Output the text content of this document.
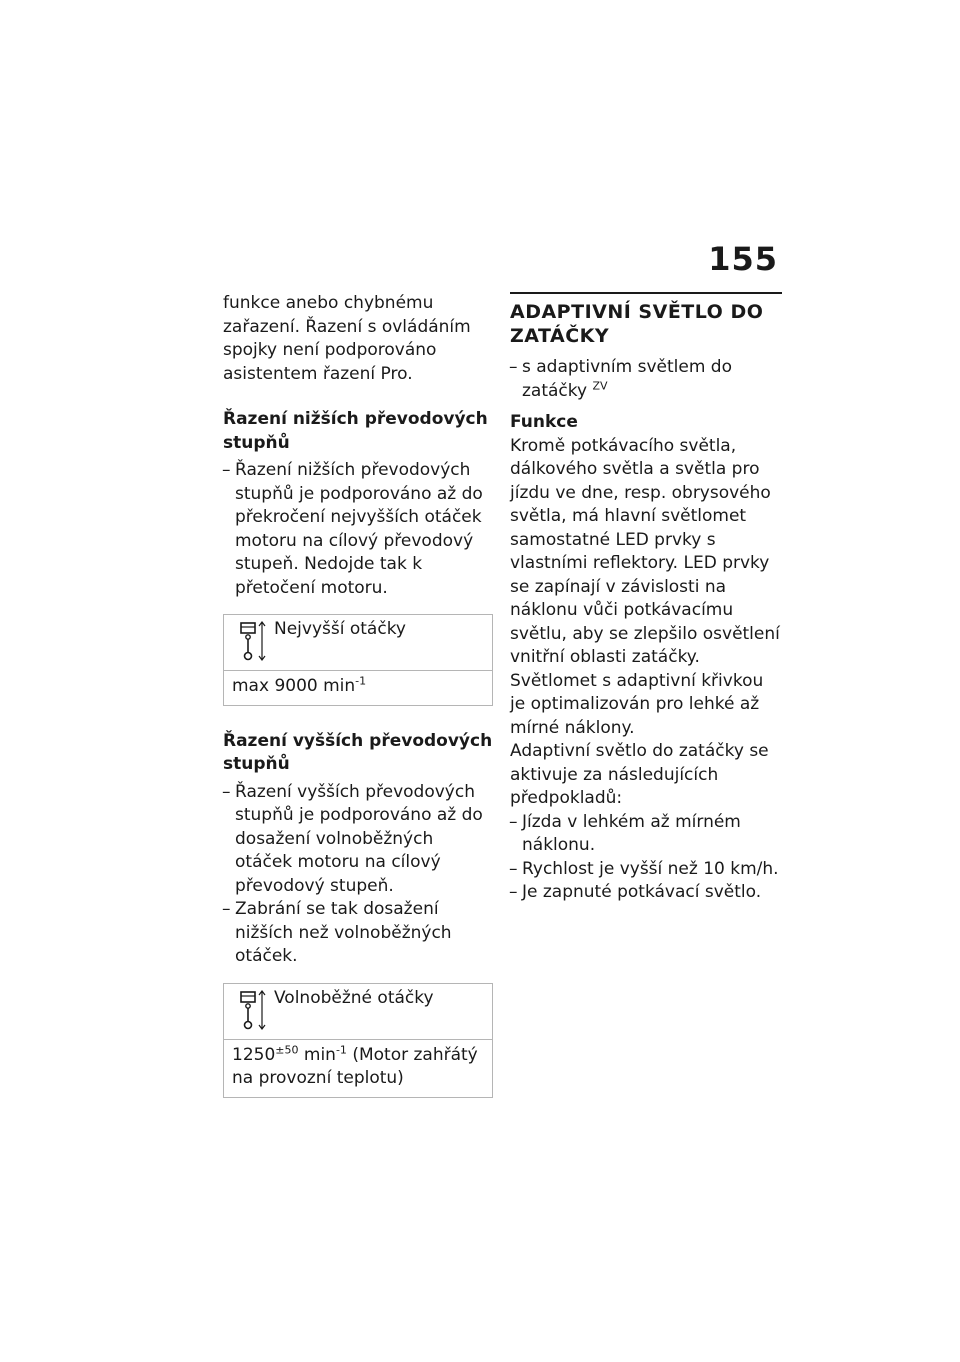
155

funkce anebo chybnému zařazení. Řazení s ovládáním spojky není podporováno asistentem řazení Pro.

Řazení nižších převodových stupňů
– Řazení nižších převodových stupňů je podporováno až do překročení nejvyšších otáček motoru na cílový převodový stupeň. Nedojde tak k přetočení motoru.
Nejvyšší otáčky
max 9000 $\min^{-1}$
Řazení vyšších převodových stupňů
– Řazení vyšších převodových stupňů je podporováno až do dosažení volnoběžných otáček motoru na cílový převodový stupeň.
– Zabrání se tak dosažení nižších než volnoběžných otáček.
Volnoběžné otáčky
$1250^{\pm 50}$ $\min^{-1}$ (Motor zahřátý na provozní teplotu)
ADAPTIVNÍ SVĚTLO DO ZATÁČKY
– s adaptivním světlem do zatáčky $^{ZV}$
Funkce

Kromě potkávacího světla, dálkového světla a světla pro jízdu ve dne, resp. obrysového světla, má hlavní světlomet samostatné LED prvky s vlastními reflektory. LED prvky se zapínají v závislosti na náklonu vůči potkávacímu světlu, aby se zlepšilo osvětlení vnitřní oblasti zatáčky. Světlomet s adaptivní křivkou je optimalizován pro lehké až mírné náklony.

Adaptivní světlo do zatáčky se aktivuje za následujících předpokladů:

– Jízda v lehkém až mírném náklonu.
– Rychlost je vyšší než 10 km/h.
– Je zapnuté potkávací světlo.
